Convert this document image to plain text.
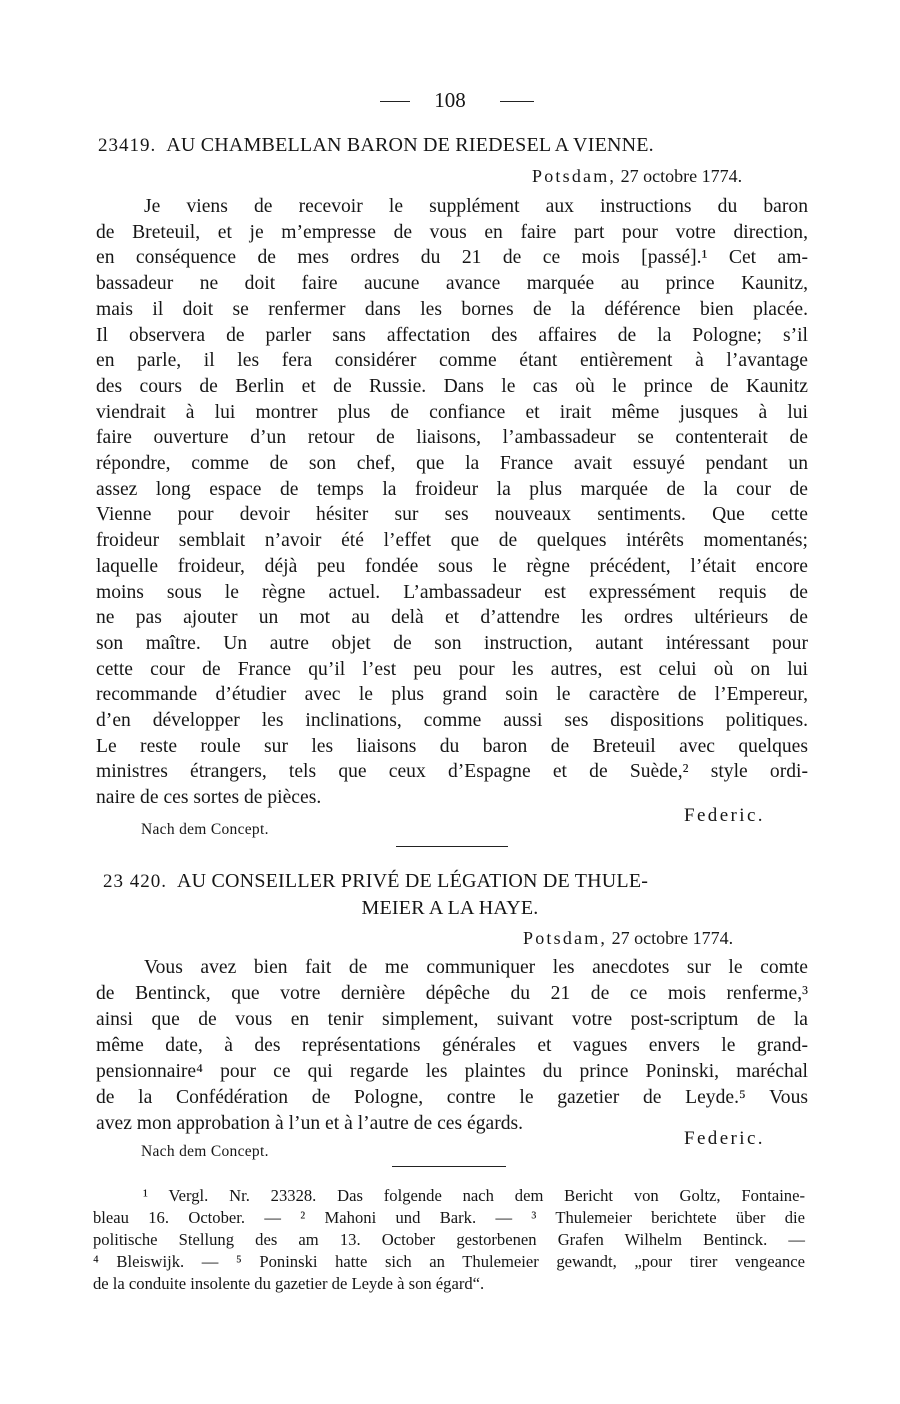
108
23419. AU CHAMBELLAN BARON DE RIEDESEL A VIENNE.
Potsdam, 27 octobre 1774.
Je viens de recevoir le supplément aux instructions du baron
de Breteuil, et je m’empresse de vous en faire part pour votre direction,
en conséquence de mes ordres du 21 de ce mois [passé].¹ Cet am-
bassadeur ne doit faire aucune avance marquée au prince Kaunitz,
mais il doit se renfermer dans les bornes de la déférence bien placée.
Il observera de parler sans affectation des affaires de la Pologne; s’il
en parle, il les fera considérer comme étant entièrement à l’avantage
des cours de Berlin et de Russie. Dans le cas où le prince de Kaunitz
viendrait à lui montrer plus de confiance et irait même jusques à lui
faire ouverture d’un retour de liaisons, l’ambassadeur se contenterait de
répondre, comme de son chef, que la France avait essuyé pendant un
assez long espace de temps la froideur la plus marquée de la cour de
Vienne pour devoir hésiter sur ses nouveaux sentiments. Que cette
froideur semblait n’avoir été l’effet que de quelques intérêts momentanés;
laquelle froideur, déjà peu fondée sous le règne précédent, l’était encore
moins sous le règne actuel. L’ambassadeur est expressément requis de
ne pas ajouter un mot au delà et d’attendre les ordres ultérieurs de
son maître. Un autre objet de son instruction, autant intéressant pour
cette cour de France qu’il l’est peu pour les autres, est celui où on lui
recommande d’étudier avec le plus grand soin le caractère de l’Empereur,
d’en développer les inclinations, comme aussi ses dispositions politiques.
Le reste roule sur les liaisons du baron de Breteuil avec quelques
ministres étrangers, tels que ceux d’Espagne et de Suède,² style ordi-
naire de ces sortes de pièces.
Federic.
Nach dem Concept.
23 420. AU CONSEILLER PRIVÉ DE LÉGATION DE THULE-
MEIER A LA HAYE.
Potsdam, 27 octobre 1774.
Vous avez bien fait de me communiquer les anecdotes sur le comte
de Bentinck, que votre dernière dépêche du 21 de ce mois renferme,³
ainsi que de vous en tenir simplement, suivant votre post-scriptum de la
même date, à des représentations générales et vagues envers le grand-
pensionnaire⁴ pour ce qui regarde les plaintes du prince Poninski, maréchal
de la Confédération de Pologne, contre le gazetier de Leyde.⁵ Vous
avez mon approbation à l’un et à l’autre de ces égards.
Federic.
Nach dem Concept.
¹ Vergl. Nr. 23328. Das folgende nach dem Bericht von Goltz, Fontaine-
bleau 16. October. — ² Mahoni und Bark. — ³ Thulemeier berichtete über die
politische Stellung des am 13. October gestorbenen Grafen Wilhelm Bentinck. —
⁴ Bleiswijk. — ⁵ Poninski hatte sich an Thulemeier gewandt, „pour tirer vengeance
de la conduite insolente du gazetier de Leyde à son égard“.
